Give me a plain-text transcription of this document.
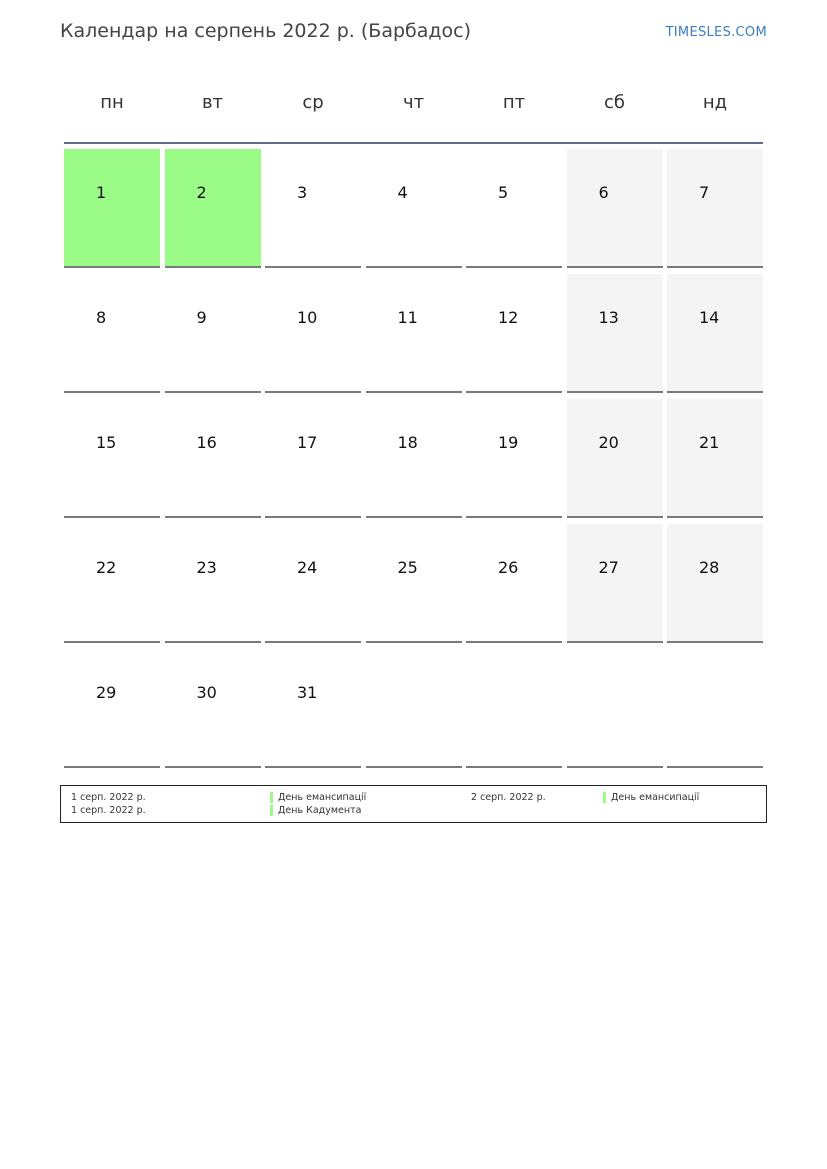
Календар на серпень 2022 р. (Барбадос)	TIMESLES.COM
пн	вт	ср	чт	пт	сб	нд
1	2	3	4	5	6	7
8	9	10	11	12	13	14
15	16	17	18	19	20	21
22	23	24	25	26	27	28
29	30	31
1 серп. 2022 р.	День емансипації	2 серп. 2022 р.	День емансипації
1 серп. 2022 р.	День Кадумента
